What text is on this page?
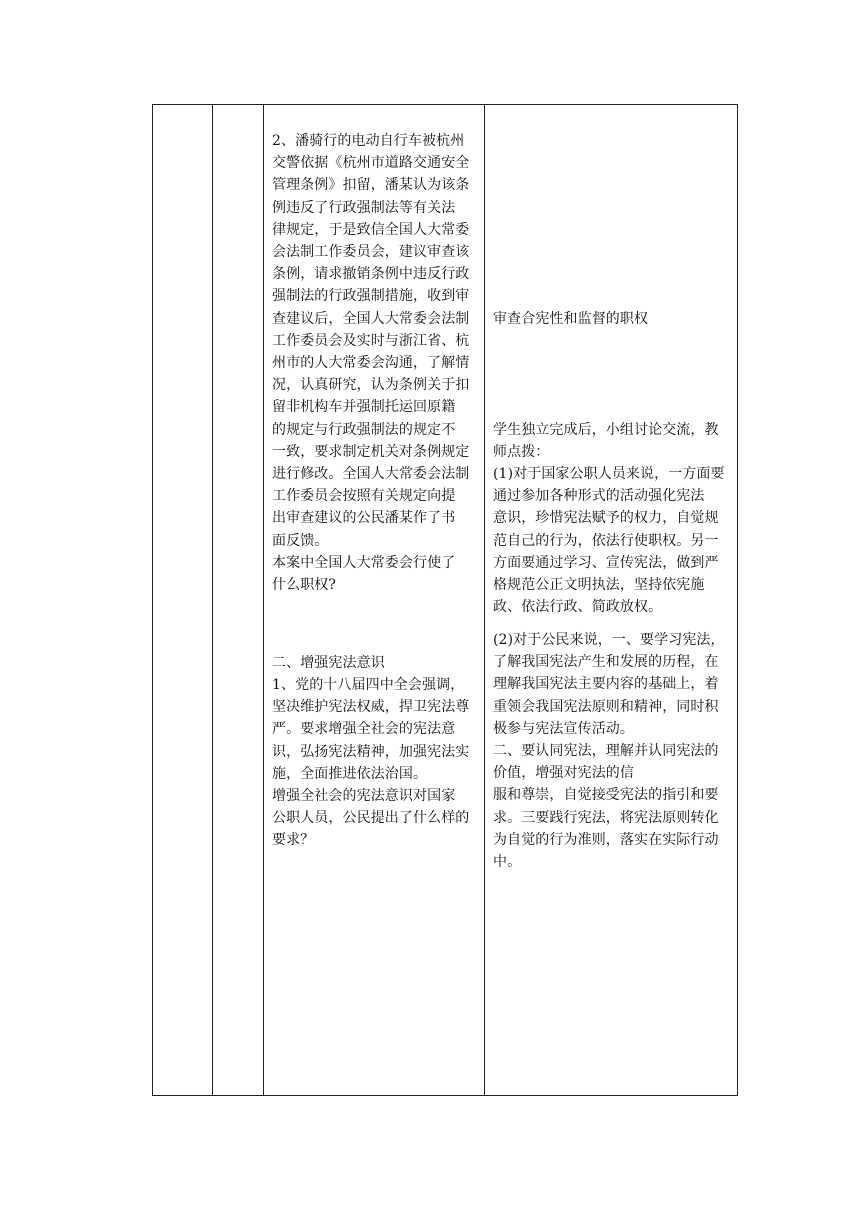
2、潘骑行的电动自行车被杭州
交警依据《杭州市道路交通安全
管理条例》扣留，潘某认为该条
例违反了行政强制法等有关法
律规定，于是致信全国人大常委
会法制工作委员会，建议审查该
条例，请求撤销条例中违反行政
强制法的行政强制措施，收到审
查建议后，全国人大常委会法制
工作委员会及实时与浙江省、杭
州市的人大常委会沟通，了解情
况，认真研究，认为条例关于扣
留非机构车并强制托运回原籍
的规定与行政强制法的规定不
一致，要求制定机关对条例规定
进行修改。全国人大常委会法制
工作委员会按照有关规定向提
出审查建议的公民潘某作了书
面反馈。
本案中全国人大常委会行使了
什么职权?
二、增强宪法意识
1、党的十八届四中全会强调，
坚决维护宪法权威，捍卫宪法尊
严。要求增强全社会的宪法意
识，弘扬宪法精神，加强宪法实
施，全面推进依法治国。
增强全社会的宪法意识对国家
公职人员，公民提出了什么样的
要求？
审查合宪性和监督的职权
学生独立完成后，小组讨论交流，教
师点拨：
(1)对于国家公职人员来说，一方面要
通过参加各种形式的活动强化宪法
意识，珍惜宪法赋予的权力，自觉规
范自己的行为，依法行使职权。另一
方面要通过学习、宣传宪法，做到严
格规范公正文明执法，坚持依宪施
政、依法行政、简政放权。
(2)对于公民来说，一、要学习宪法，
了解我国宪法产生和发展的历程，在
理解我国宪法主要内容的基础上，着
重领会我国宪法原则和精神，同时积
极参与宪法宣传活动。
二、要认同宪法，理解并认同宪法的
价值，增强对宪法的信
服和尊崇，自觉接受宪法的指引和要
求。三要践行宪法，将宪法原则转化
为自觉的行为准则，落实在实际行动
中。
